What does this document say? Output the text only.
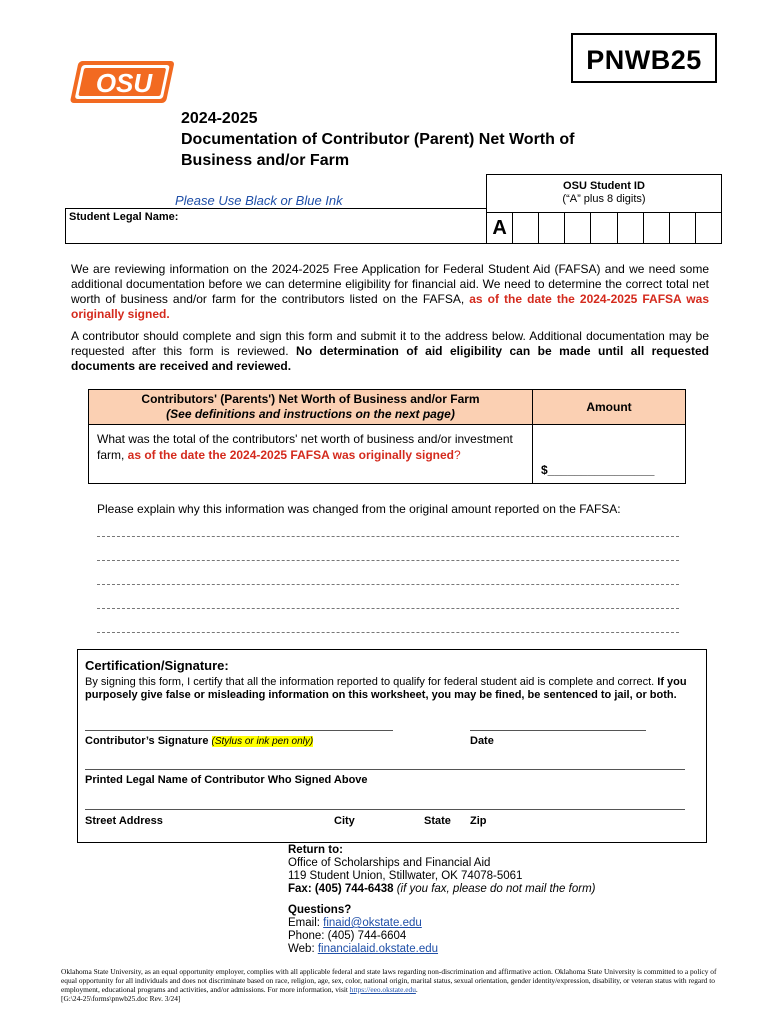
PNWB25
OSU
2024-2025
Documentation of Contributor (Parent) Net Worth of
Business and/or Farm
Please Use Black or Blue Ink
OSU Student ID
(“A” plus 8 digits)
A
Student Legal Name:
We are reviewing information on the 2024-2025 Free Application for Federal Student Aid (FAFSA) and we need some additional documentation before we can determine eligibility for financial aid. We need to determine the correct total net worth of business and/or farm for the contributors listed on the FAFSA, as of the date the 2024-2025 FAFSA was originally signed.
A contributor should complete and sign this form and submit it to the address below. Additional documentation may be requested after this form is reviewed. No determination of aid eligibility can be made until all requested documents are received and reviewed.
Contributors' (Parents') Net Worth of Business and/or Farm
(See definitions and instructions on the next page)	Amount
What was the total of the contributors' net worth of business and/or investment farm, as of the date the 2024-2025 FAFSA was originally signed?	$________________
Please explain why this information was changed from the original amount reported on the FAFSA:
Certification/Signature:
By signing this form, I certify that all the information reported to qualify for federal student aid is complete and correct. If you purposely give false or misleading information on this worksheet, you may be fined, be sentenced to jail, or both.
Contributor’s Signature (Stylus or ink pen only)	Date
Printed Legal Name of Contributor Who Signed Above
Street Address	City	State Zip
Return to:
Office of Scholarships and Financial Aid
119 Student Union, Stillwater, OK 74078-5061
Fax: (405) 744-6438 (if you fax, please do not mail the form)
Questions?
Email: finaid@okstate.edu
Phone: (405) 744-6604
Web: financialaid.okstate.edu
Oklahoma State University, as an equal opportunity employer, complies with all applicable federal and state laws regarding non-discrimination and affirmative action. Oklahoma State University is committed to a policy of equal opportunity for all individuals and does not discriminate based on race, religion, age, sex, color, national origin, marital status, sexual orientation, gender identity/expression, disability, or veteran status with regard to employment, educational programs and activities, and/or admissions. For more information, visit https://eeo.okstate.edu.
[G:\24-25\forms\pnwb25.doc Rev. 3/24]
